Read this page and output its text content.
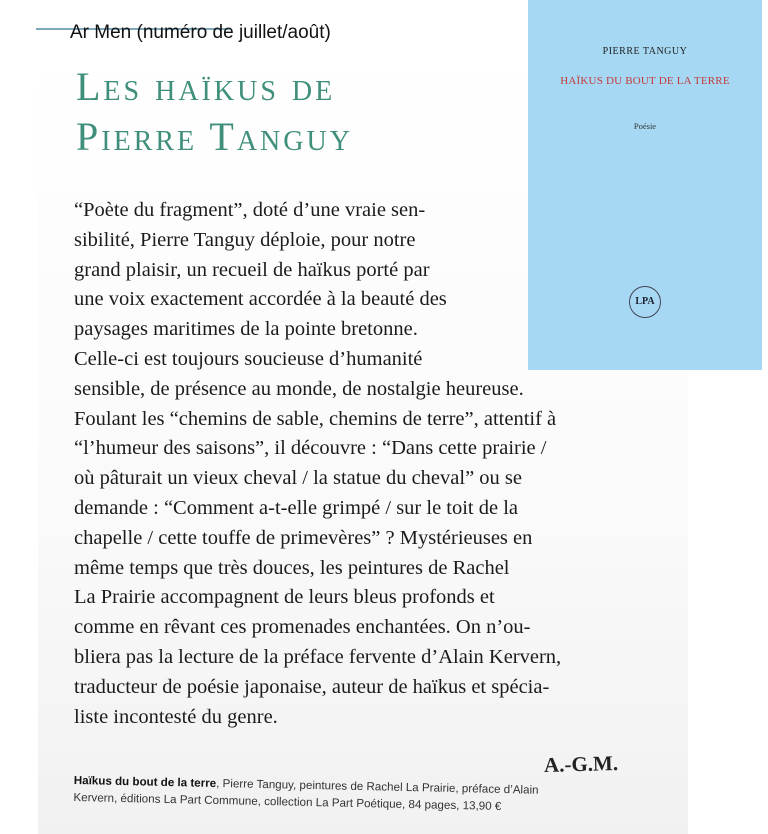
Ar Men (numéro de juillet/août)
Les haïkus de
Pierre Tanguy
“Poète du fragment”, doté d’une vraie sen-
sibilité, Pierre Tanguy déploie, pour notre
grand plaisir, un recueil de haïkus porté par
une voix exactement accordée à la beauté des
paysages maritimes de la pointe bretonne.
Celle-ci est toujours soucieuse d’humanité
sensible, de présence au monde, de nostalgie heureuse.
Foulant les “chemins de sable, chemins de terre”, attentif à
“l’humeur des saisons”, il découvre : “Dans cette prairie /
où pâturait un vieux cheval / la statue du cheval” ou se
demande : “Comment a-t-elle grimpé / sur le toit de la
chapelle / cette touffe de primevères” ? Mystérieuses en
même temps que très douces, les peintures de Rachel
La Prairie accompagnent de leurs bleus profonds et
comme en rêvant ces promenades enchantées. On n’ou-
bliera pas la lecture de la préface fervente d’Alain Kervern,
traducteur de poésie japonaise, auteur de haïkus et spécia-
liste incontesté du genre.
A.-G.M.
Haïkus du bout de la terre, Pierre Tanguy, peintures de Rachel La Prairie, préface d’Alain
Kervern, éditions La Part Commune, collection La Part Poétique, 84 pages, 13,90 €
PIERRE TANGUY
HAÏKUS DU BOUT DE LA TERRE
Poésie
LPA
